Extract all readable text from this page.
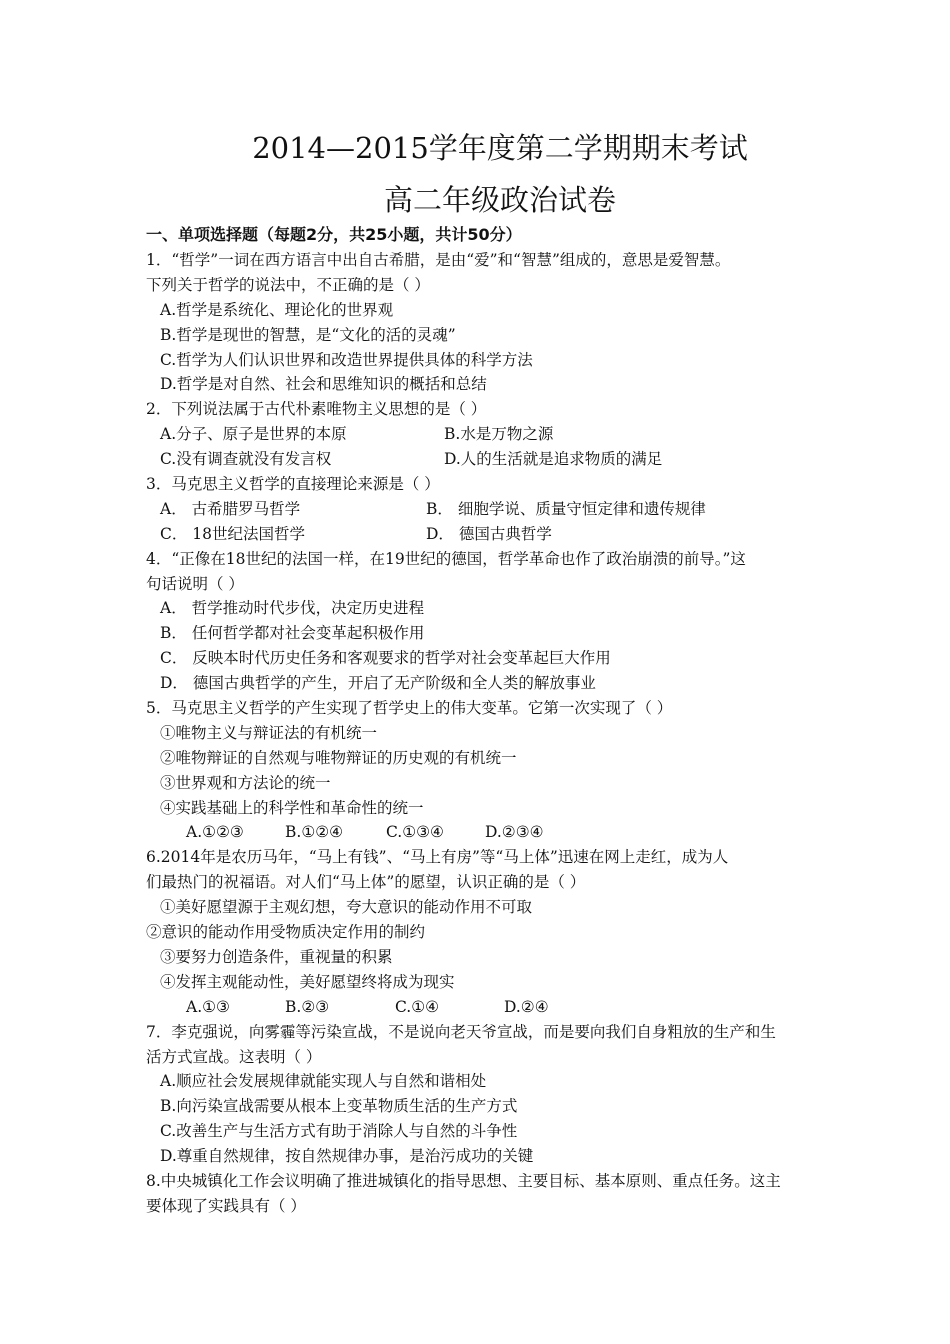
2014—2015学年度第二学期期末考试
高二年级政治试卷
一、单项选择题（每题2分，共25小题，共计50分）
1．“哲学”一词在西方语言中出自古希腊，是由“爱”和“智慧”组成的，意思是爱智慧。
下列关于哲学的说法中，不正确的是（ ）
A.哲学是系统化、理论化的世界观
B.哲学是现世的智慧，是“文化的活的灵魂”
C.哲学为人们认识世界和改造世界提供具体的科学方法
D.哲学是对自然、社会和思维知识的概括和总结
2．下列说法属于古代朴素唯物主义思想的是（ ）
A.分子、原子是世界的本原	B.水是万物之源
C.没有调查就没有发言权	D.人的生活就是追求物质的满足
3．马克思主义哲学的直接理论来源是（ ）
A． 古希腊罗马哲学	B． 细胞学说、质量守恒定律和遗传规律
C． 18世纪法国哲学	D． 德国古典哲学
4．“正像在18世纪的法国一样，在19世纪的德国，哲学革命也作了政治崩溃的前导。”这
句话说明（ ）
A． 哲学推动时代步伐，决定历史进程
B． 任何哲学都对社会变革起积极作用
C． 反映本时代历史任务和客观要求的哲学对社会变革起巨大作用
D． 德国古典哲学的产生，开启了无产阶级和全人类的解放事业
5．马克思主义哲学的产生实现了哲学史上的伟大变革。它第一次实现了（ ）
①唯物主义与辩证法的有机统一
②唯物辩证的自然观与唯物辩证的历史观的有机统一
③世界观和方法论的统一
④实践基础上的科学性和革命性的统一
A.①②③	B.①②④	C.①③④	D.②③④
6.2014年是农历马年，“马上有钱”、“马上有房”等“马上体”迅速在网上走红，成为人
们最热门的祝福语。对人们“马上体”的愿望，认识正确的是（ ）
①美好愿望源于主观幻想，夸大意识的能动作用不可取
②意识的能动作用受物质决定作用的制约
③要努力创造条件，重视量的积累
④发挥主观能动性，美好愿望终将成为现实
A.①③	B.②③	C.①④	D.②④
7．李克强说，向雾霾等污染宣战，不是说向老天爷宣战，而是要向我们自身粗放的生产和生
活方式宣战。这表明（ ）
A.顺应社会发展规律就能实现人与自然和谐相处
B.向污染宣战需要从根本上变革物质生活的生产方式
C.改善生产与生活方式有助于消除人与自然的斗争性
D.尊重自然规律，按自然规律办事，是治污成功的关键
8.中央城镇化工作会议明确了推进城镇化的指导思想、主要目标、基本原则、重点任务。这主
要体现了实践具有（ ）
